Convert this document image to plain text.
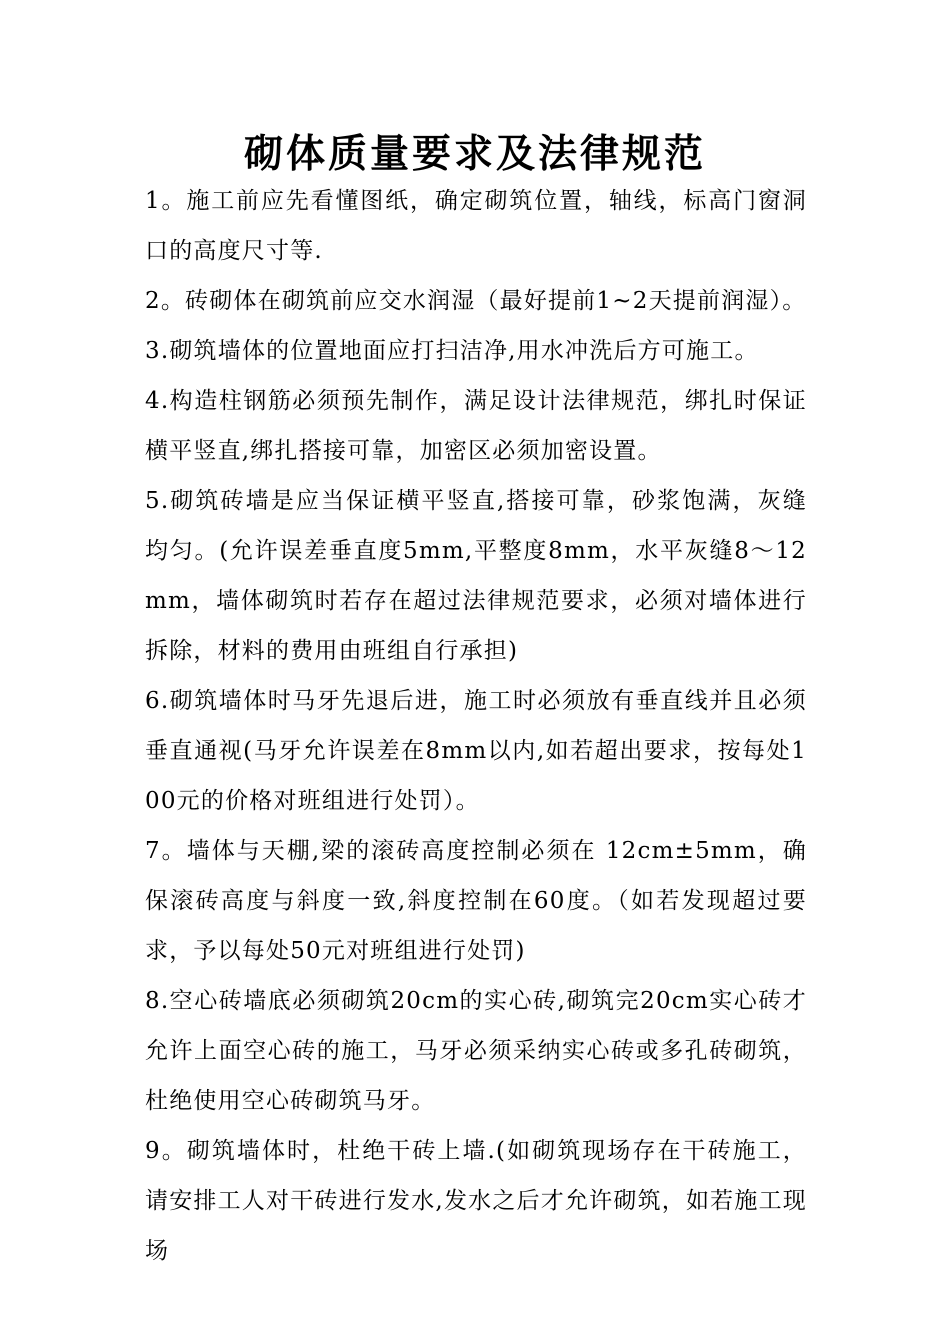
砌体质量要求及法律规范

1。施工前应先看懂图纸，确定砌筑位置，轴线，标高门窗洞口的高度尺寸等.

2。砖砌体在砌筑前应交水润湿（最好提前1~2天提前润湿）。

3.砌筑墙体的位置地面应打扫洁净,用水冲洗后方可施工。

4.构造柱钢筋必须预先制作，满足设计法律规范，绑扎时保证横平竖直,绑扎搭接可靠，加密区必须加密设置。

5.砌筑砖墙是应当保证横平竖直,搭接可靠，砂浆饱满，灰缝均匀。(允许误差垂直度5mm,平整度8mm，水平灰缝8～12mm，墙体砌筑时若存在超过法律规范要求，必须对墙体进行拆除，材料的费用由班组自行承担)

6.砌筑墙体时马牙先退后进，施工时必须放有垂直线并且必须垂直通视(马牙允许误差在8mm以内,如若超出要求，按每处100元的价格对班组进行处罚）。

7。墙体与天棚,梁的滚砖高度控制必须在 12cm±5mm，确保滚砖高度与斜度一致,斜度控制在60度。（如若发现超过要求，予以每处50元对班组进行处罚)

8.空心砖墙底必须砌筑20cm的实心砖,砌筑完20cm实心砖才允许上面空心砖的施工，马牙必须采纳实心砖或多孔砖砌筑，杜绝使用空心砖砌筑马牙。

9。砌筑墙体时，杜绝干砖上墙.(如砌筑现场存在干砖施工，请安排工人对干砖进行发水,发水之后才允许砌筑，如若施工现场
